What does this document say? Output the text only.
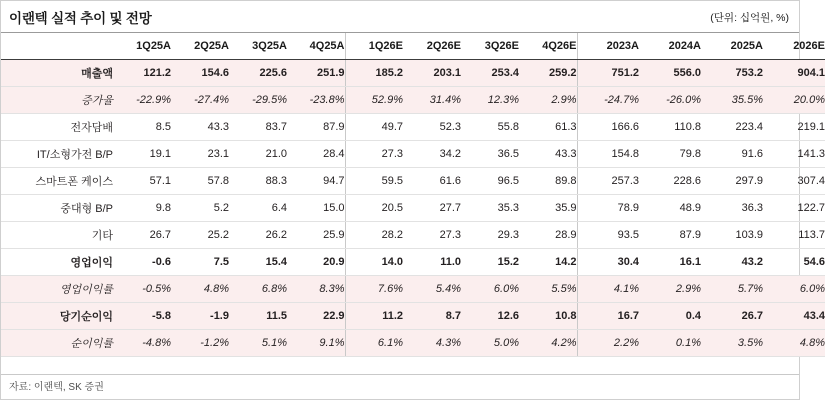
이랜텍 실적 추이 및 전망	(단위: 십억원, %)
	1Q25A	2Q25A	3Q25A	4Q25A	1Q26E	2Q26E	3Q26E	4Q26E	2023A	2024A	2025A	2026E
매출액	121.2	154.6	225.6	251.9	185.2	203.1	253.4	259.2	751.2	556.0	753.2	904.1
증가율	-22.9%	-27.4%	-29.5%	-23.8%	52.9%	31.4%	12.3%	2.9%	-24.7%	-26.0%	35.5%	20.0%
전자담배	8.5	43.3	83.7	87.9	49.7	52.3	55.8	61.3	166.6	110.8	223.4	219.1
IT/소형가전 B/P	19.1	23.1	21.0	28.4	27.3	34.2	36.5	43.3	154.8	79.8	91.6	141.3
스마트폰 케이스	57.1	57.8	88.3	94.7	59.5	61.6	96.5	89.8	257.3	228.6	297.9	307.4
중대형 B/P	9.8	5.2	6.4	15.0	20.5	27.7	35.3	35.9	78.9	48.9	36.3	122.7
기타	26.7	25.2	26.2	25.9	28.2	27.3	29.3	28.9	93.5	87.9	103.9	113.7
영업이익	-0.6	7.5	15.4	20.9	14.0	11.0	15.2	14.2	30.4	16.1	43.2	54.6
영업이익률	-0.5%	4.8%	6.8%	8.3%	7.6%	5.4%	6.0%	5.5%	4.1%	2.9%	5.7%	6.0%
당기순이익	-5.8	-1.9	11.5	22.9	11.2	8.7	12.6	10.8	16.7	0.4	26.7	43.4
순이익률	-4.8%	-1.2%	5.1%	9.1%	6.1%	4.3%	5.0%	4.2%	2.2%	0.1%	3.5%	4.8%
자료: 이랜텍, SK 증권
